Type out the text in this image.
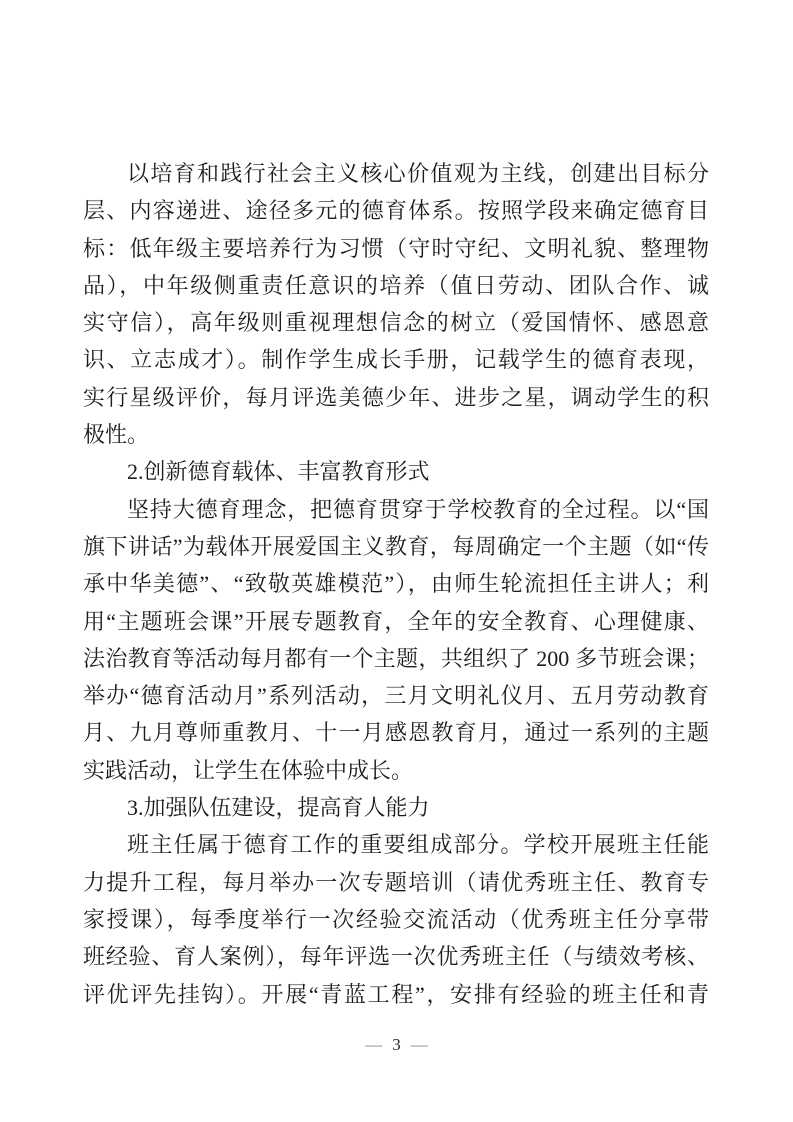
以培育和践行社会主义核心价值观为主线，创建出目标分
层、内容递进、途径多元的德育体系。按照学段来确定德育目
标：低年级主要培养行为习惯（守时守纪、文明礼貌、整理物
品），中年级侧重责任意识的培养（值日劳动、团队合作、诚
实守信），高年级则重视理想信念的树立（爱国情怀、感恩意
识、立志成才）。制作学生成长手册，记载学生的德育表现，
实行星级评价，每月评选美德少年、进步之星，调动学生的积
极性。
2.创新德育载体、丰富教育形式
坚持大德育理念，把德育贯穿于学校教育的全过程。以“国
旗下讲话”为载体开展爱国主义教育，每周确定一个主题（如“传
承中华美德”、“致敬英雄模范”），由师生轮流担任主讲人；利
用“主题班会课”开展专题教育，全年的安全教育、心理健康、
法治教育等活动每月都有一个主题，共组织了 200 多节班会课；
举办“德育活动月”系列活动，三月文明礼仪月、五月劳动教育
月、九月尊师重教月、十一月感恩教育月，通过一系列的主题
实践活动，让学生在体验中成长。
3.加强队伍建设，提高育人能力
班主任属于德育工作的重要组成部分。学校开展班主任能
力提升工程，每月举办一次专题培训（请优秀班主任、教育专
家授课），每季度举行一次经验交流活动（优秀班主任分享带
班经验、育人案例），每年评选一次优秀班主任（与绩效考核、
评优评先挂钩）。开展“青蓝工程”，安排有经验的班主任和青
— 3 —
